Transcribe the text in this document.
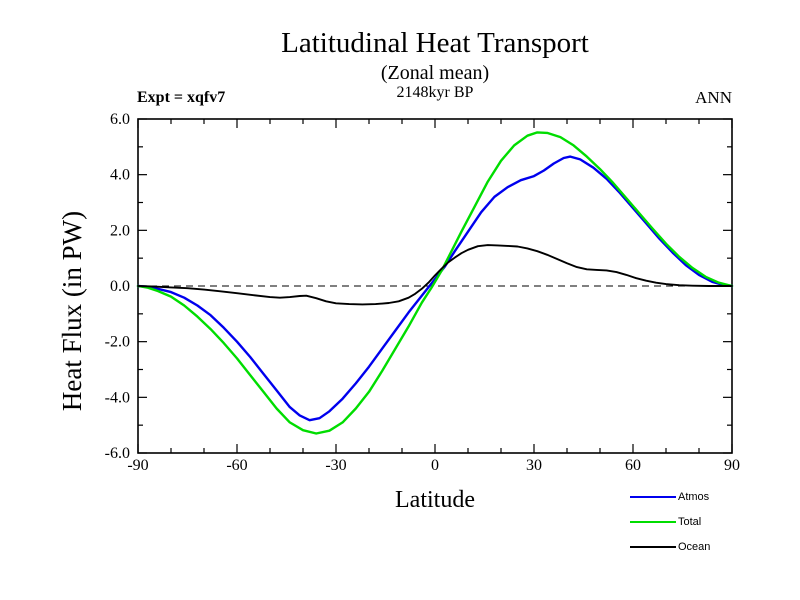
Latitudinal Heat Transport
(Zonal mean)
2148kyr BP
Expt = xqfv7	ANN
Heat Flux (in PW)
Latitude
-90	-60	-30	0	30	60	90
6.0
4.0
2.0
0.0
-2.0
-4.0
-6.0
Atmos
Total
Ocean
